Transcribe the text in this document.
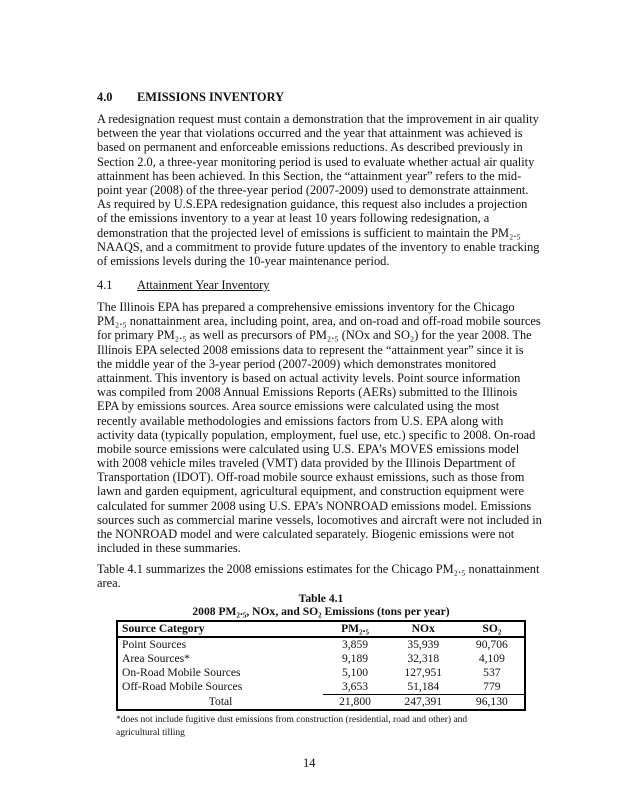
4.0 EMISSIONS INVENTORY
A redesignation request must contain a demonstration that the improvement in air quality
between the year that violations occurred and the year that attainment was achieved is
based on permanent and enforceable emissions reductions. As described previously in
Section 2.0, a three-year monitoring period is used to evaluate whether actual air quality
attainment has been achieved. In this Section, the “attainment year” refers to the mid-
point year (2008) of the three-year period (2007-2009) used to demonstrate attainment.
As required by U.S.EPA redesignation guidance, this request also includes a projection
of the emissions inventory to a year at least 10 years following redesignation, a
demonstration that the projected level of emissions is sufficient to maintain the PM₂.₅
NAAQS, and a commitment to provide future updates of the inventory to enable tracking
of emissions levels during the 10-year maintenance period.
4.1 Attainment Year Inventory
The Illinois EPA has prepared a comprehensive emissions inventory for the Chicago
PM₂.₅ nonattainment area, including point, area, and on-road and off-road mobile sources
for primary PM₂.₅ as well as precursors of PM₂.₅ (NOx and SO₂) for the year 2008. The
Illinois EPA selected 2008 emissions data to represent the “attainment year” since it is
the middle year of the 3-year period (2007-2009) which demonstrates monitored
attainment. This inventory is based on actual activity levels. Point source information
was compiled from 2008 Annual Emissions Reports (AERs) submitted to the Illinois
EPA by emissions sources. Area source emissions were calculated using the most
recently available methodologies and emissions factors from U.S. EPA along with
activity data (typically population, employment, fuel use, etc.) specific to 2008. On-road
mobile source emissions were calculated using U.S. EPA’s MOVES emissions model
with 2008 vehicle miles traveled (VMT) data provided by the Illinois Department of
Transportation (IDOT). Off-road mobile source exhaust emissions, such as those from
lawn and garden equipment, agricultural equipment, and construction equipment were
calculated for summer 2008 using U.S. EPA’s NONROAD emissions model. Emissions
sources such as commercial marine vessels, locomotives and aircraft were not included in
the NONROAD model and were calculated separately. Biogenic emissions were not
included in these summaries.
Table 4.1 summarizes the 2008 emissions estimates for the Chicago PM₂.₅ nonattainment
area.
Table 4.1
2008 PM₂.₅, NOx, and SO₂ Emissions (tons per year)
Source Category	PM₂.₅	NOx	SO₂
Point Sources	3,859	35,939	90,706
Area Sources*	9,189	32,318	4,109
On-Road Mobile Sources	5,100	127,951	537
Off-Road Mobile Sources	3,653	51,184	779
Total	21,800	247,391	96,130
*does not include fugitive dust emissions from construction (residential, road and other) and
agricultural tilling
14
